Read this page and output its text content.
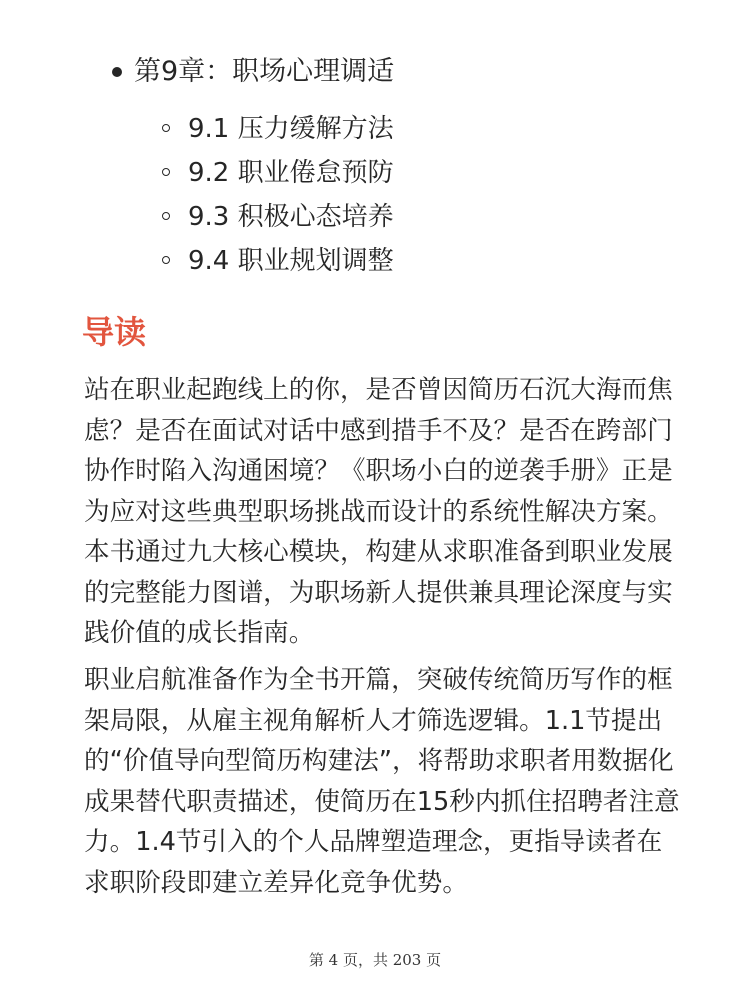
第9章：职场心理调适
9.1 压力缓解方法
9.2 职业倦怠预防
9.3 积极心态培养
9.4 职业规划调整
导读

站在职业起跑线上的你，是否曾因简历石沉大海而焦虑？是否在面试对话中感到措手不及？是否在跨部门协作时陷入沟通困境？《职场小白的逆袭手册》正是为应对这些典型职场挑战而设计的系统性解决方案。本书通过九大核心模块，构建从求职准备到职业发展的完整能力图谱，为职场新人提供兼具理论深度与实践价值的成长指南。

职业启航准备作为全书开篇，突破传统简历写作的框架局限，从雇主视角解析人才筛选逻辑。1.1节提出的“价值导向型简历构建法”，将帮助求职者用数据化成果替代职责描述，使简历在15秒内抓住招聘者注意力。1.4节引入的个人品牌塑造理念，更指导读者在求职阶段即建立差异化竞争优势。

第 4 页，共 203 页
